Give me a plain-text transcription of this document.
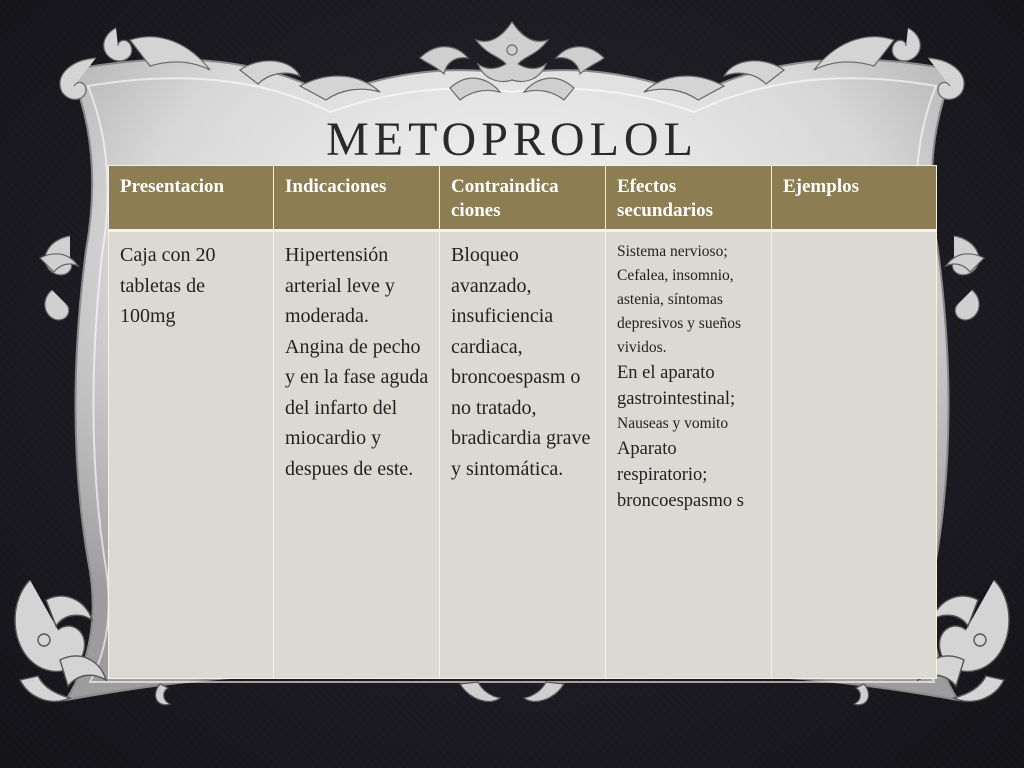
METOPROLOL
Presentacion	Indicaciones	Contraindica ciones	Efectos secundarios	Ejemplos

Caja con 20 tabletas de 100mg	Hipertensión arterial leve y moderada. Angina de pecho y en la fase aguda del infarto del miocardio y despues de este.	Bloqueo avanzado, insuficiencia cardiaca, broncoespasm o no tratado, bradicardia grave y sintomática.	Sistema nervioso;
Cefalea, insomnio, astenia, síntomas depresivos y sueños vividos.
En el aparato gastrointestinal;
Nauseas y vomito
Aparato respiratorio; broncoespasmo s	
